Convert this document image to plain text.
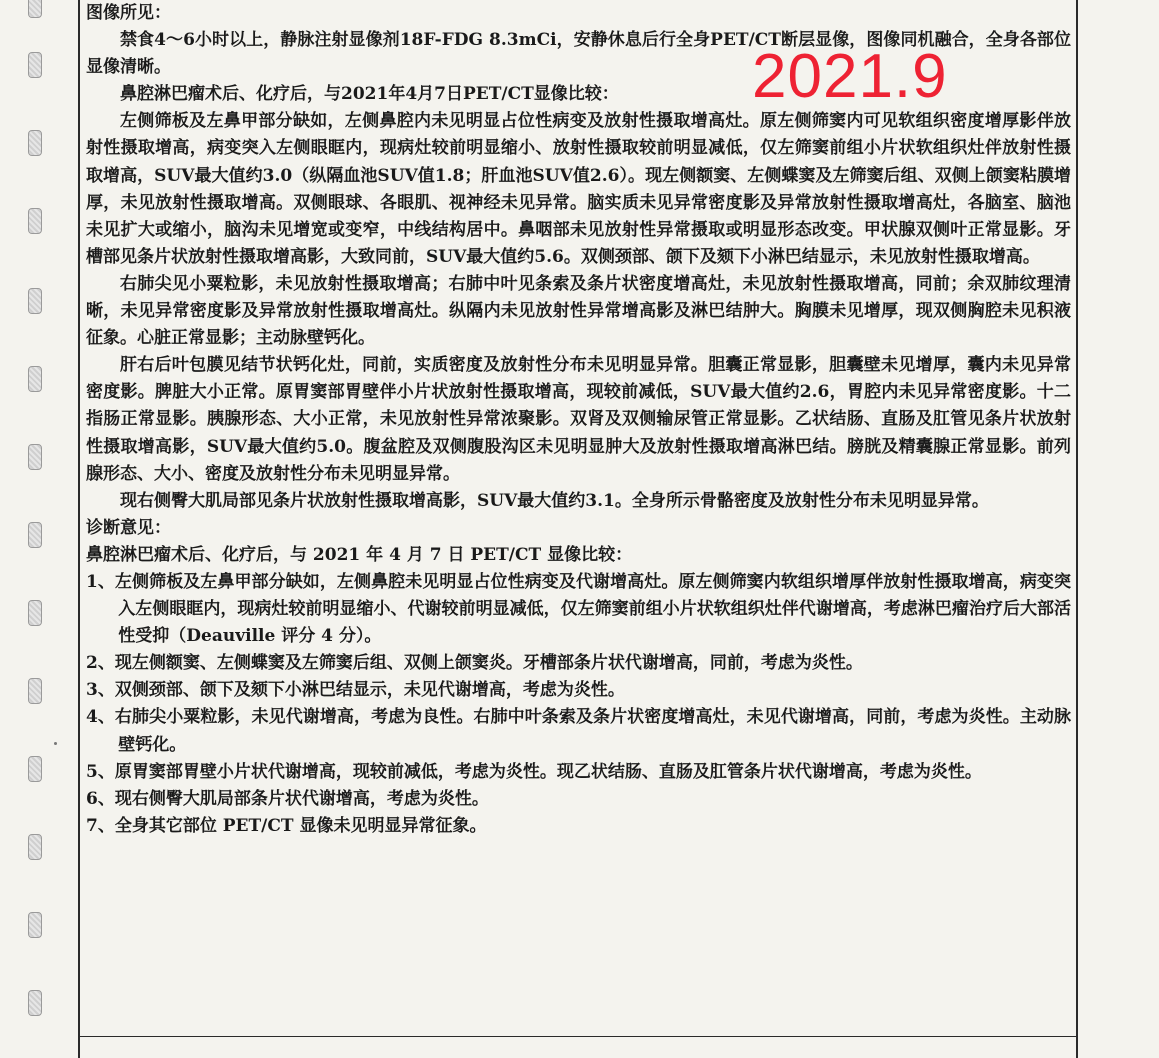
图像所见：

禁食4～6小时以上，静脉注射显像剂18F-FDG 8.3mCi，安静休息后行全身PET/CT断层显像，图像同机融合，全身各部位显像清晰。

鼻腔淋巴瘤术后、化疗后，与2021年4月7日PET/CT显像比较：

左侧筛板及左鼻甲部分缺如，左侧鼻腔内未见明显占位性病变及放射性摄取增高灶。原左侧筛窦内可见软组织密度增厚影伴放射性摄取增高，病变突入左侧眼眶内，现病灶较前明显缩小、放射性摄取较前明显减低，仅左筛窦前组小片状软组织灶伴放射性摄取增高，SUV最大值约3.0（纵隔血池SUV值1.8；肝血池SUV值2.6）。现左侧额窦、左侧蝶窦及左筛窦后组、双侧上颌窦粘膜增厚，未见放射性摄取增高。双侧眼球、各眼肌、视神经未见异常。脑实质未见异常密度影及异常放射性摄取增高灶，各脑室、脑池未见扩大或缩小，脑沟未见增宽或变窄，中线结构居中。鼻咽部未见放射性异常摄取或明显形态改变。甲状腺双侧叶正常显影。牙槽部见条片状放射性摄取增高影，大致同前，SUV最大值约5.6。双侧颈部、颌下及颏下小淋巴结显示，未见放射性摄取增高。

右肺尖见小粟粒影，未见放射性摄取增高；右肺中叶见条索及条片状密度增高灶，未见放射性摄取增高，同前；余双肺纹理清晰，未见异常密度影及异常放射性摄取增高灶。纵隔内未见放射性异常增高影及淋巴结肿大。胸膜未见增厚，现双侧胸腔未见积液征象。心脏正常显影；主动脉壁钙化。

肝右后叶包膜见结节状钙化灶，同前，实质密度及放射性分布未见明显异常。胆囊正常显影，胆囊壁未见增厚，囊内未见异常密度影。脾脏大小正常。原胃窦部胃壁伴小片状放射性摄取增高，现较前减低，SUV最大值约2.6，胃腔内未见异常密度影。十二指肠正常显影。胰腺形态、大小正常，未见放射性异常浓聚影。双肾及双侧输尿管正常显影。乙状结肠、直肠及肛管见条片状放射性摄取增高影，SUV最大值约5.0。腹盆腔及双侧腹股沟区未见明显肿大及放射性摄取增高淋巴结。膀胱及精囊腺正常显影。前列腺形态、大小、密度及放射性分布未见明显异常。

现右侧臀大肌局部见条片状放射性摄取增高影，SUV最大值约3.1。全身所示骨骼密度及放射性分布未见明显异常。

诊断意见：

鼻腔淋巴瘤术后、化疗后，与 2021 年 4 月 7 日 PET/CT 显像比较：

1、左侧筛板及左鼻甲部分缺如，左侧鼻腔未见明显占位性病变及代谢增高灶。原左侧筛窦内软组织增厚伴放射性摄取增高，病变突入左侧眼眶内，现病灶较前明显缩小、代谢较前明显减低，仅左筛窦前组小片状软组织灶伴代谢增高，考虑淋巴瘤治疗后大部活性受抑（Deauville 评分 4 分）。

2、现左侧额窦、左侧蝶窦及左筛窦后组、双侧上颌窦炎。牙槽部条片状代谢增高，同前，考虑为炎性。

3、双侧颈部、颌下及颏下小淋巴结显示，未见代谢增高，考虑为炎性。

4、右肺尖小粟粒影，未见代谢增高，考虑为良性。右肺中叶条索及条片状密度增高灶，未见代谢增高，同前，考虑为炎性。主动脉壁钙化。

5、原胃窦部胃壁小片状代谢增高，现较前减低，考虑为炎性。现乙状结肠、直肠及肛管条片状代谢增高，考虑为炎性。

6、现右侧臀大肌局部条片状代谢增高，考虑为炎性。

7、全身其它部位 PET/CT 显像未见明显异常征象。

2021.9
